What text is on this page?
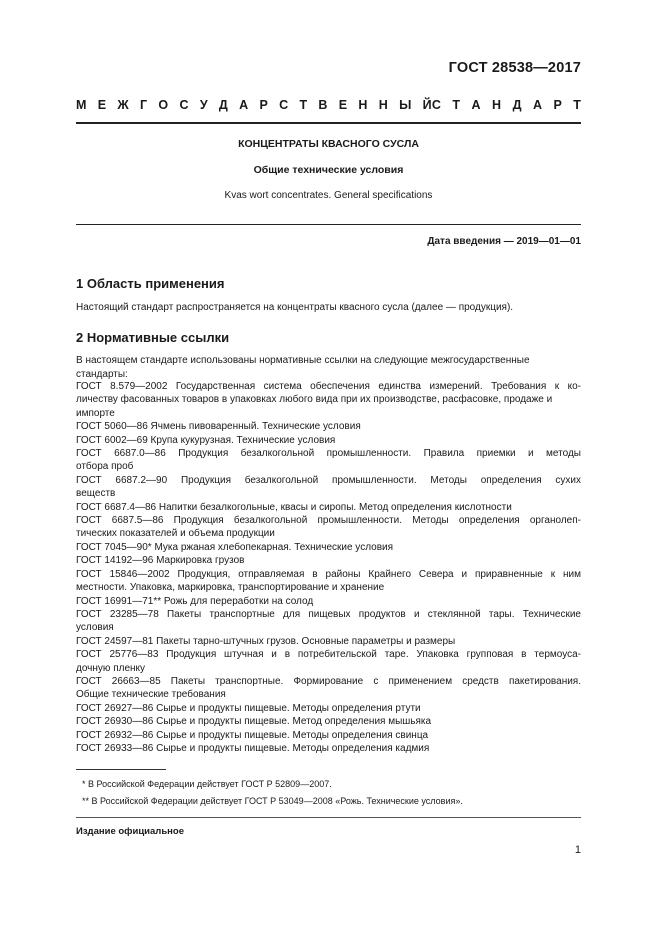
ГОСТ 28538—2017
М Е Ж Г О С У Д А Р С Т В Е Н Н Ы Й С Т А Н Д А Р Т
КОНЦЕНТРАТЫ КВАСНОГО СУСЛА
Общие технические условия
Kvas wort concentrates. General specifications
Дата введения — 2019—01—01
1 Область применения
Настоящий стандарт распространяется на концентраты квасного сусла (далее — продукция).
2 Нормативные ссылки
В настоящем стандарте использованы нормативные ссылки на следующие межгосударственные
стандарты:
ГОСТ 8.579—2002 Государственная система обеспечения единства измерений. Требования к ко-
личеству фасованных товаров в упаковках любого вида при их производстве, расфасовке, продаже и
импорте
ГОСТ 5060—86 Ячмень пивоваренный. Технические условия
ГОСТ 6002—69 Крупа кукурузная. Технические условия
ГОСТ 6687.0—86 Продукция безалкогольной промышленности. Правила приемки и методы
отбора проб
ГОСТ 6687.2—90 Продукция безалкогольной промышленности. Методы определения сухих
веществ
ГОСТ 6687.4—86 Напитки безалкогольные, квасы и сиропы. Метод определения кислотности
ГОСТ 6687.5—86 Продукция безалкогольной промышленности. Методы определения органолеп-
тических показателей и объема продукции
ГОСТ 7045—90* Мука ржаная хлебопекарная. Технические условия
ГОСТ 14192—96 Маркировка грузов
ГОСТ 15846—2002 Продукция, отправляемая в районы Крайнего Севера и приравненные к ним
местности. Упаковка, маркировка, транспортирование и хранение
ГОСТ 16991—71** Рожь для переработки на солод
ГОСТ 23285—78 Пакеты транспортные для пищевых продуктов и стеклянной тары. Технические
условия
ГОСТ 24597—81 Пакеты тарно-штучных грузов. Основные параметры и размеры
ГОСТ 25776—83 Продукция штучная и в потребительской таре. Упаковка групповая в термоуса-
дочную пленку
ГОСТ 26663—85 Пакеты транспортные. Формирование с применением средств пакетирования.
Общие технические требования
ГОСТ 26927—86 Сырье и продукты пищевые. Методы определения ртути
ГОСТ 26930—86 Сырье и продукты пищевые. Метод определения мышьяка
ГОСТ 26932—86 Сырье и продукты пищевые. Методы определения свинца
ГОСТ 26933—86 Сырье и продукты пищевые. Методы определения кадмия
* В Российской Федерации действует ГОСТ Р 52809—2007.
** В Российской Федерации действует ГОСТ Р 53049—2008 «Рожь. Технические условия».
Издание официальное
1
